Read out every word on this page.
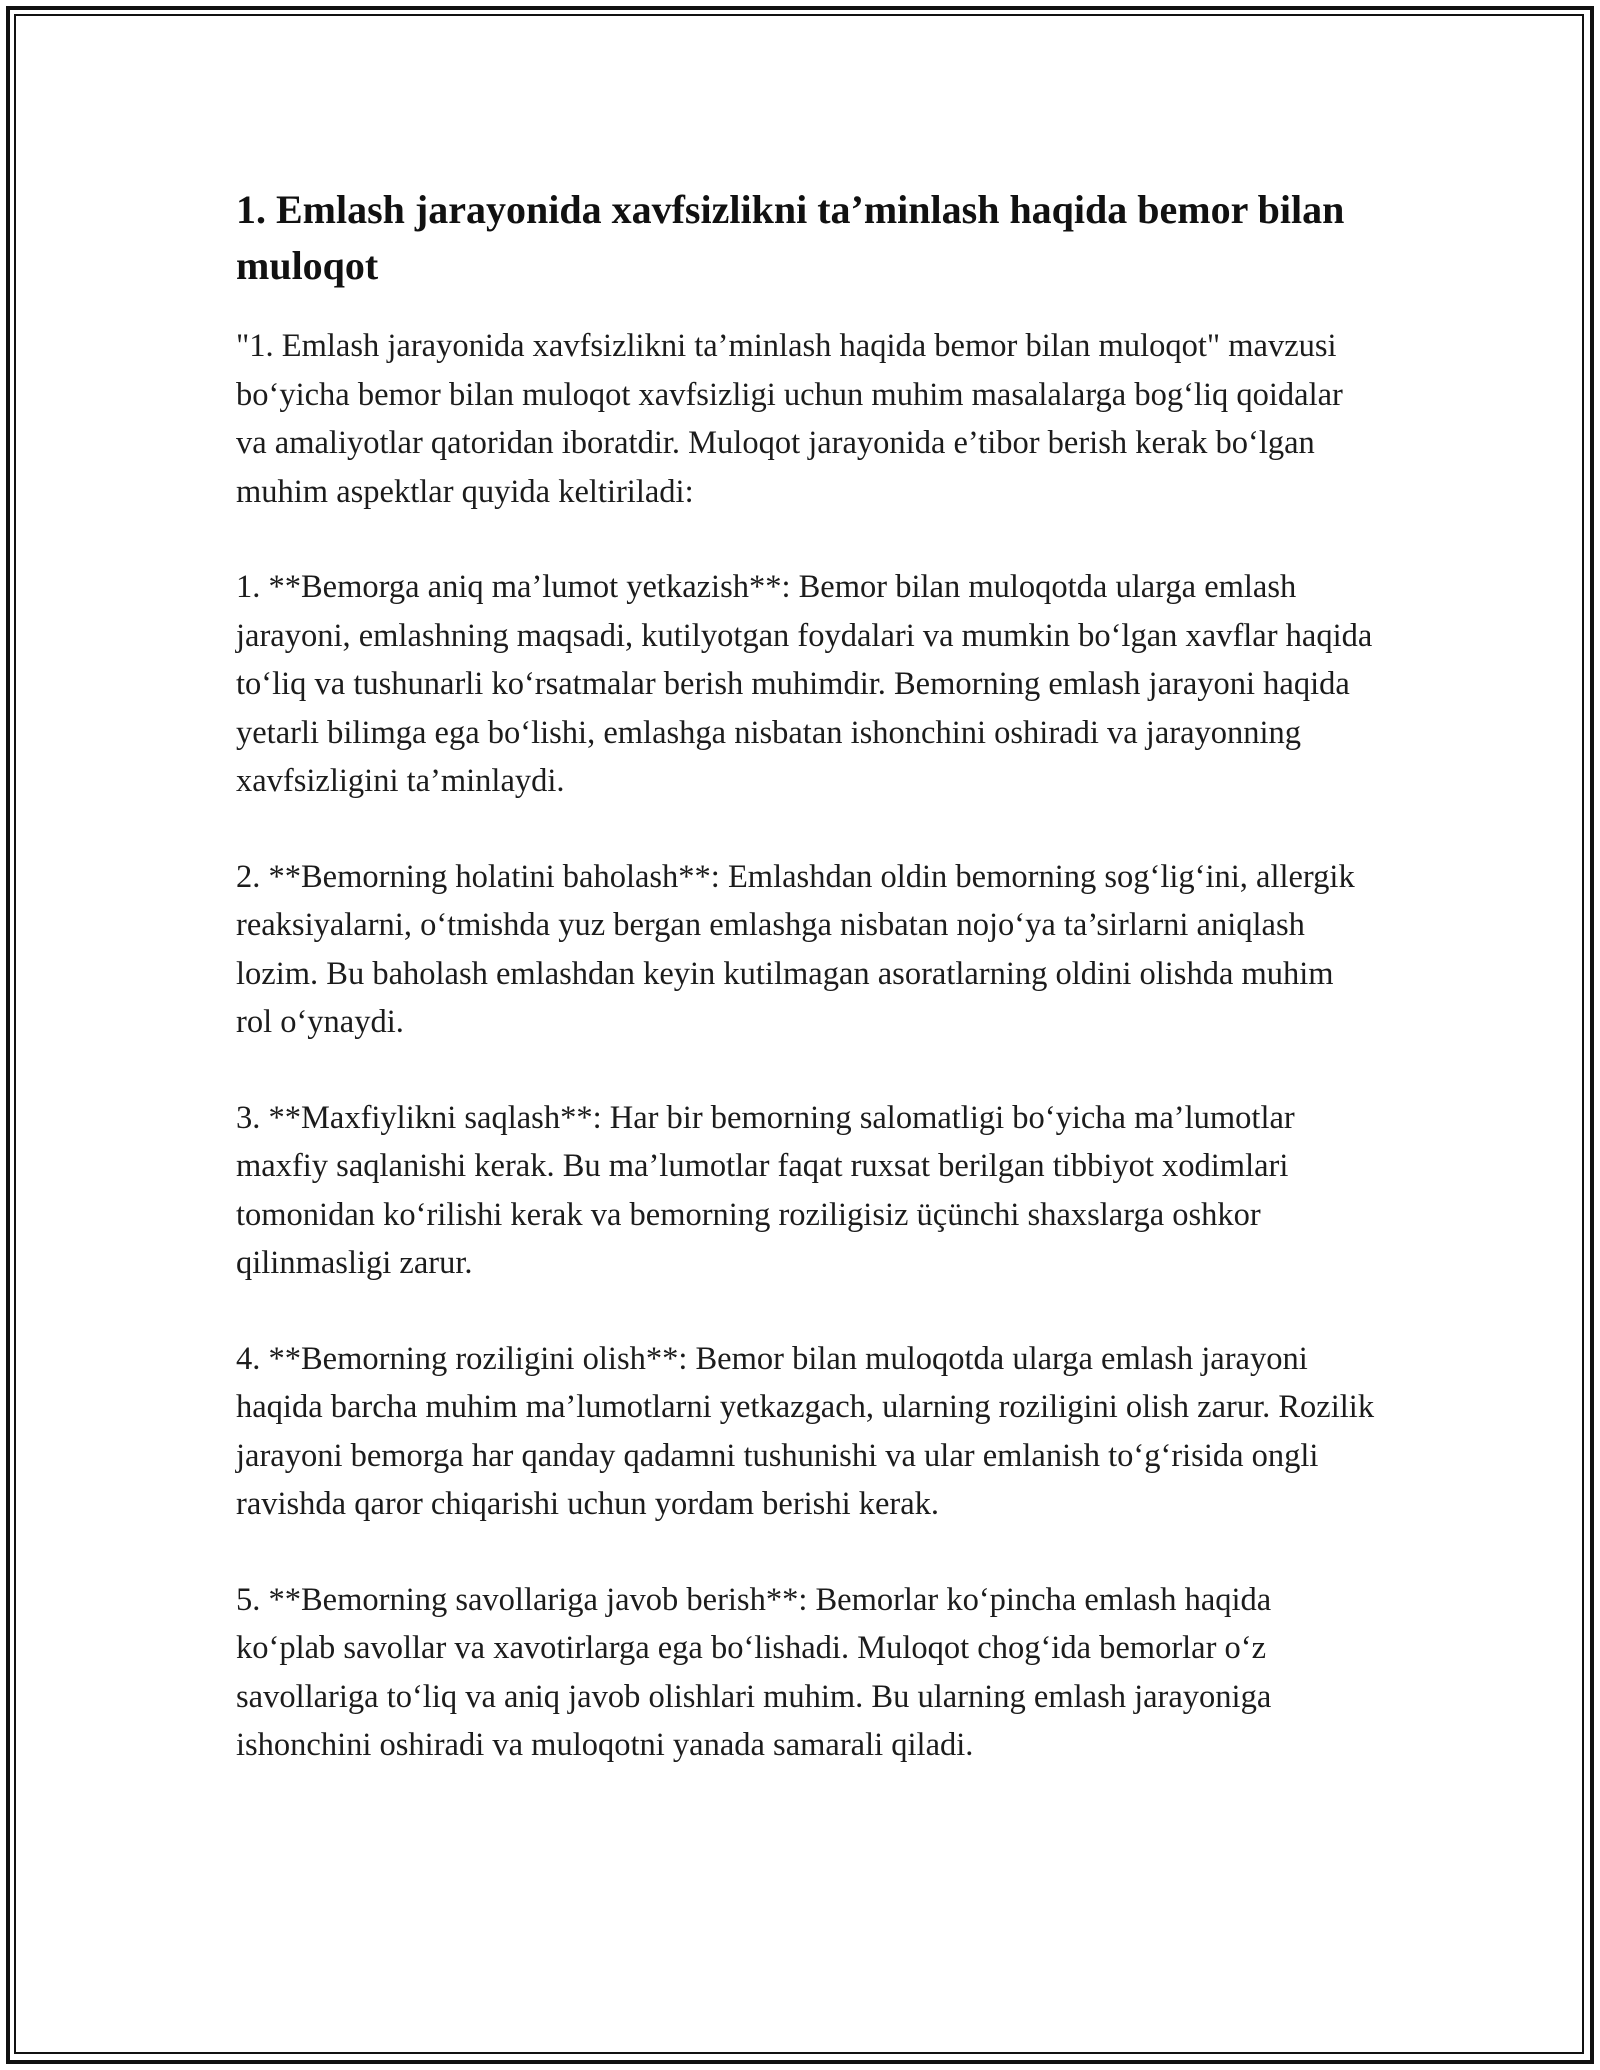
1. Emlash jarayonida xavfsizlikni ta’minlash haqida bemor bilan muloqot

"1. Emlash jarayonida xavfsizlikni ta’minlash haqida bemor bilan muloqot" mavzusi bo‘yicha bemor bilan muloqot xavfsizligi uchun muhim masalalarga bog‘liq qoidalar va amaliyotlar qatoridan iboratdir. Muloqot jarayonida e’tibor berish kerak bo‘lgan muhim aspektlar quyida keltiriladi:

1. **Bemorga aniq ma’lumot yetkazish**: Bemor bilan muloqotda ularga emlash jarayoni, emlashning maqsadi, kutilyotgan foydalari va mumkin bo‘lgan xavflar haqida to‘liq va tushunarli ko‘rsatmalar berish muhimdir. Bemorning emlash jarayoni haqida yetarli bilimga ega bo‘lishi, emlashga nisbatan ishonchini oshiradi va jarayonning xavfsizligini ta’minlaydi.

2. **Bemorning holatini baholash**: Emlashdan oldin bemorning sog‘lig‘ini, allergik reaksiyalarni, o‘tmishda yuz bergan emlashga nisbatan nojo‘ya ta’sirlarni aniqlash lozim. Bu baholash emlashdan keyin kutilmagan asoratlarning oldini olishda muhim rol o‘ynaydi.

3. **Maxfiylikni saqlash**: Har bir bemorning salomatligi bo‘yicha ma’lumotlar maxfiy saqlanishi kerak. Bu ma’lumotlar faqat ruxsat berilgan tibbiyot xodimlari tomonidan ko‘rilishi kerak va bemorning roziligisiz üçünchi shaxslarga oshkor qilinmasligi zarur.

4. **Bemorning roziligini olish**: Bemor bilan muloqotda ularga emlash jarayoni haqida barcha muhim ma’lumotlarni yetkazgach, ularning roziligini olish zarur. Rozilik jarayoni bemorga har qanday qadamni tushunishi va ular emlanish to‘g‘risida ongli ravishda qaror chiqarishi uchun yordam berishi kerak.

5. **Bemorning savollariga javob berish**: Bemorlar ko‘pincha emlash haqida ko‘plab savollar va xavotirlarga ega bo‘lishadi. Muloqot chog‘ida bemorlar o‘z savollariga to‘liq va aniq javob olishlari muhim. Bu ularning emlash jarayoniga ishonchini oshiradi va muloqotni yanada samarali qiladi.
